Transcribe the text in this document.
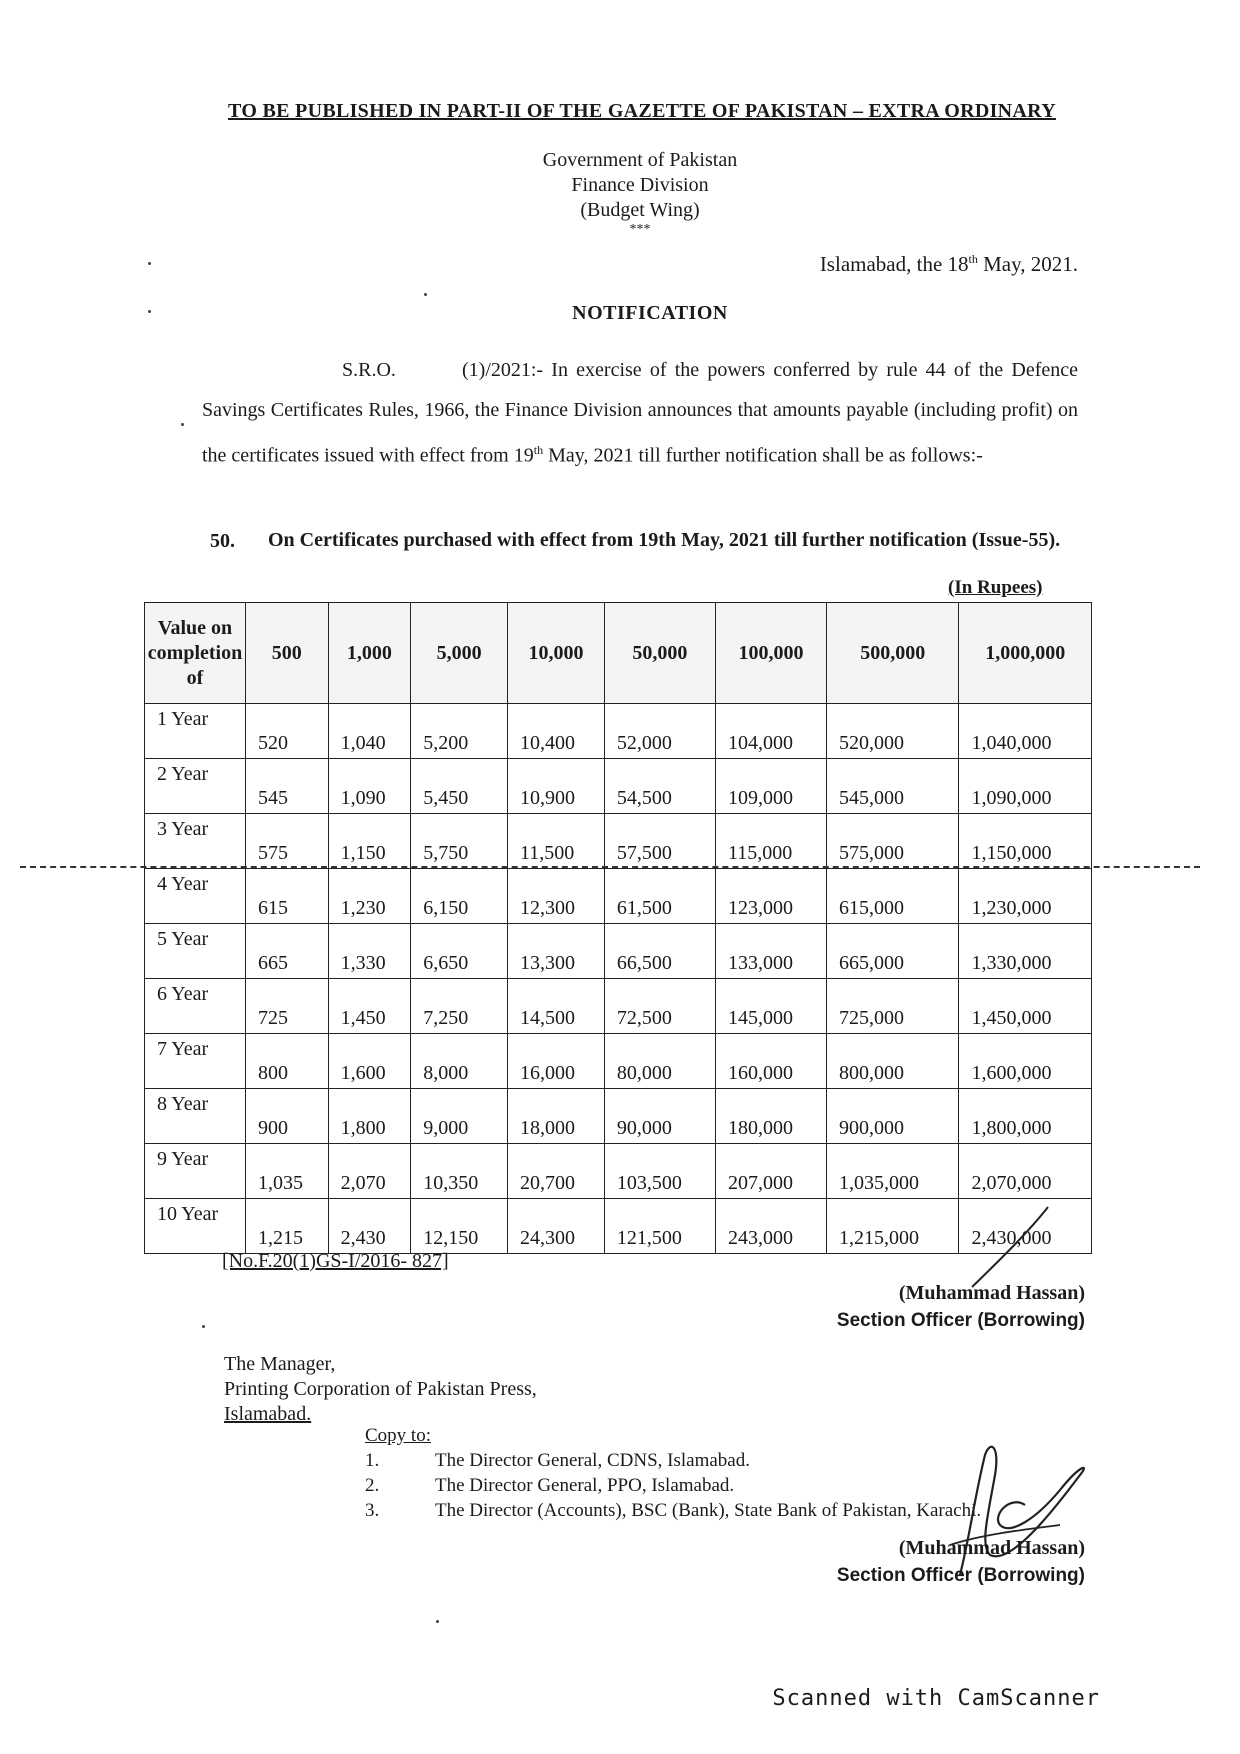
TO BE PUBLISHED IN PART-II OF THE GAZETTE OF PAKISTAN – EXTRA ORDINARY
Government of Pakistan
Finance Division
(Budget Wing)
***
Islamabad, the 18th May, 2021.
NOTIFICATION
S.R.O.	(1)/2021:- In exercise of the powers conferred by rule 44 of the Defence Savings Certificates Rules, 1966, the Finance Division announces that amounts payable (including profit) on the certificates issued with effect from 19th May, 2021 till further notification shall be as follows:-
50. On Certificates purchased with effect from 19th May, 2021 till further notification (Issue-55).
(In Rupees)
Value on completion of	500	1,000	5,000	10,000	50,000	100,000	500,000	1,000,000
1 Year	520	1,040	5,200	10,400	52,000	104,000	520,000	1,040,000
2 Year	545	1,090	5,450	10,900	54,500	109,000	545,000	1,090,000
3 Year	575	1,150	5,750	11,500	57,500	115,000	575,000	1,150,000
4 Year	615	1,230	6,150	12,300	61,500	123,000	615,000	1,230,000
5 Year	665	1,330	6,650	13,300	66,500	133,000	665,000	1,330,000
6 Year	725	1,450	7,250	14,500	72,500	145,000	725,000	1,450,000
7 Year	800	1,600	8,000	16,000	80,000	160,000	800,000	1,600,000
8 Year	900	1,800	9,000	18,000	90,000	180,000	900,000	1,800,000
9 Year	1,035	2,070	10,350	20,700	103,500	207,000	1,035,000	2,070,000
10 Year	1,215	2,430	12,150	24,300	121,500	243,000	1,215,000	2,430,000
[No.F.20(1)GS-I/2016- 827]
(Muhammad Hassan)
Section Officer (Borrowing)
The Manager,
Printing Corporation of Pakistan Press,
Islamabad.
Copy to:
1.	The Director General, CDNS, Islamabad.
2.	The Director General, PPO, Islamabad.
3.	The Director (Accounts), BSC (Bank), State Bank of Pakistan, Karachi.
(Muhammad Hassan)
Section Officer (Borrowing)
Scanned with CamScanner
